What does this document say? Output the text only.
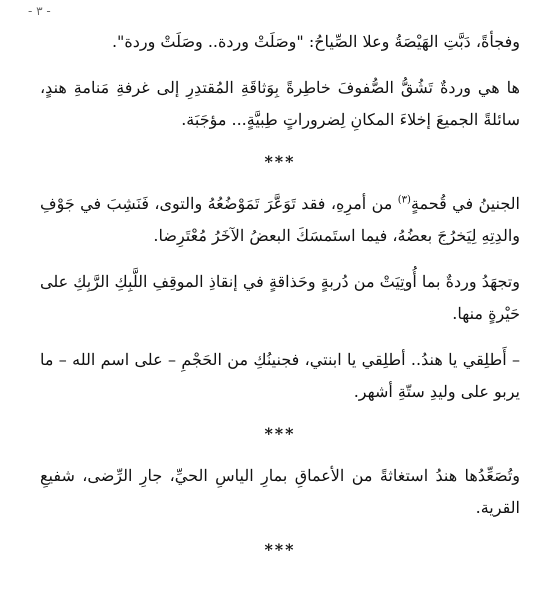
- ٣ -

وفجأةً، دَبَّتِ الهَيْصَةُ وعلا الصِّياحُ: "وصَلَتْ وردة.. وصَلَتْ وردة".

ها هي وردةٌ تَشُقُّ الصُّفوفَ خاطِرةً بِوَثاقَةِ المُقتدِرِ إلى غرفةِ مَنامةِ هندٍ، سائلةً الجميعَ إخلاءَ المكانِ لِضروراتٍ طِبيَّةٍ... مؤجَبَة.

***

الجنينُ في قُحمةٍ$^{(٣)}$ من أمرِهِ، فقد تَوَعَّرَ تَمَوْضُعُهُ والتوى، فَنَشِبَ في جَوْفِ والدِتِهِ لِيَخرُجَ بعضُهُ، فيما استَمسَكَ البعضُ الآخَرُ مُعْتَرِضا.

وتجهَدُ وردةٌ بما أُوتِيَتْ من دُربةٍ وحَذاقةٍ في إنقاذِ الموقِفِ اللَّبِكِ الرَّبِكِ على حَيْرةٍ منها.

– أَطلِقي يا هندُ.. أطلِقي يا ابنتي، فجنينُكِ من الحَجْمِ – على اسم الله – ما يربو على وليدِ ستّةِ أشهر.

***

وتُصَعِّدُها هندُ استغاثةً من الأعماقِ بمارِ الياسِ الحيِّ، جارِ الرِّضى، شفيعِ القرية.

***
